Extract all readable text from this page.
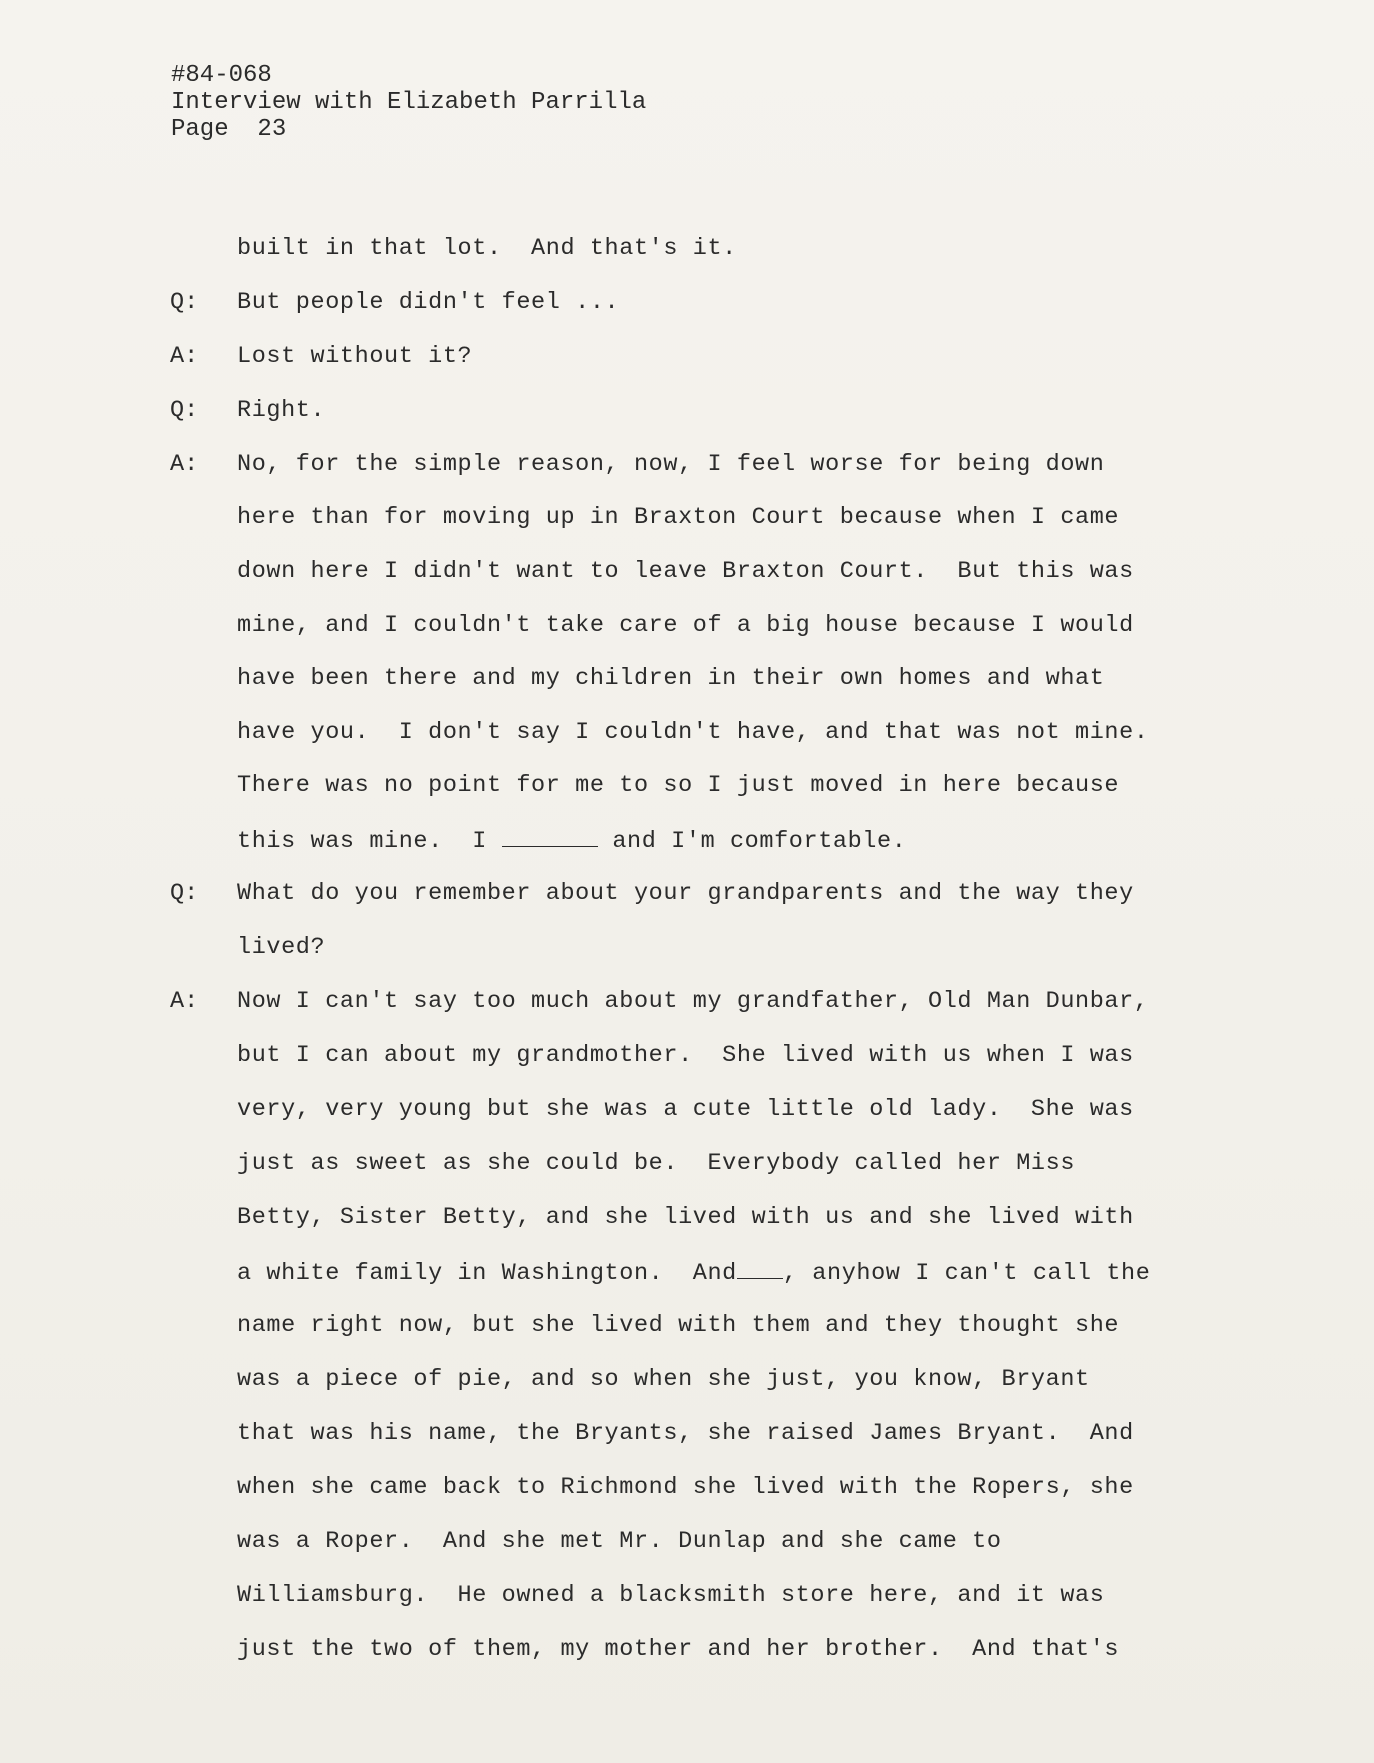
#84-068
Interview with Elizabeth Parrilla
Page  23
built in that lot.  And that's it.
Q: But people didn't feel ...
A: Lost without it?
Q: Right.
A: No, for the simple reason, now, I feel worse for being down
here than for moving up in Braxton Court because when I came
down here I didn't want to leave Braxton Court.  But this was
mine, and I couldn't take care of a big house because I would
have been there and my children in their own homes and what
have you.  I don't say I couldn't have, and that was not mine.
There was no point for me to so I just moved in here because
this was mine.  I	and I'm comfortable.
Q: What do you remember about your grandparents and the way they
lived?
A: Now I can't say too much about my grandfather, Old Man Dunbar,
but I can about my grandmother.  She lived with us when I was
very, very young but she was a cute little old lady.  She was
just as sweet as she could be.  Everybody called her Miss
Betty, Sister Betty, and she lived with us and she lived with
a white family in Washington.  And , anyhow I can't call the
name right now, but she lived with them and they thought she
was a piece of pie, and so when she just, you know, Bryant
that was his name, the Bryants, she raised James Bryant.  And
when she came back to Richmond she lived with the Ropers, she
was a Roper.  And she met Mr. Dunlap and she came to
Williamsburg.  He owned a blacksmith store here, and it was
just the two of them, my mother and her brother.  And that's
